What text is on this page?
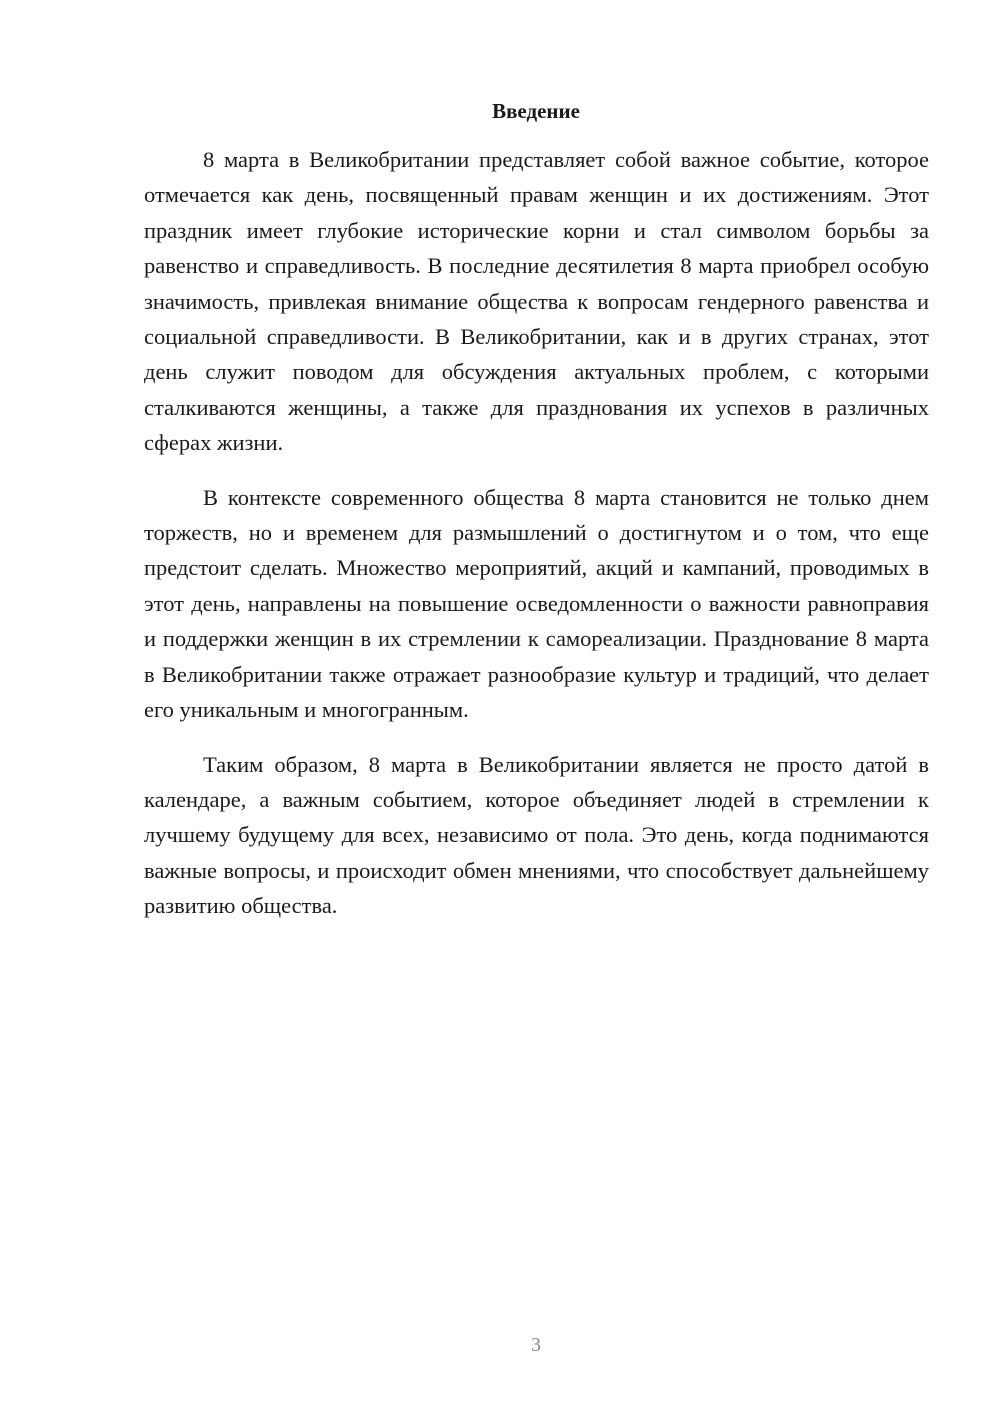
Введение

8 марта в Великобритании представляет собой важное событие, которое отмечается как день, посвященный правам женщин и их достижениям. Этот праздник имеет глубокие исторические корни и стал символом борьбы за равенство и справедливость. В последние десятилетия 8 марта приобрел особую значимость, привлекая внимание общества к вопросам гендерного равенства и социальной справедливости. В Великобритании, как и в других странах, этот день служит поводом для обсуждения актуальных проблем, с которыми сталкиваются женщины, а также для празднования их успехов в различных сферах жизни.

В контексте современного общества 8 марта становится не только днем торжеств, но и временем для размышлений о достигнутом и о том, что еще предстоит сделать. Множество мероприятий, акций и кампаний, проводимых в этот день, направлены на повышение осведомленности о важности равноправия и поддержки женщин в их стремлении к самореализации. Празднование 8 марта в Великобритании также отражает разнообразие культур и традиций, что делает его уникальным и многогранным.

Таким образом, 8 марта в Великобритании является не просто датой в календаре, а важным событием, которое объединяет людей в стремлении к лучшему будущему для всех, независимо от пола. Это день, когда поднимаются важные вопросы, и происходит обмен мнениями, что способствует дальнейшему развитию общества.

3
